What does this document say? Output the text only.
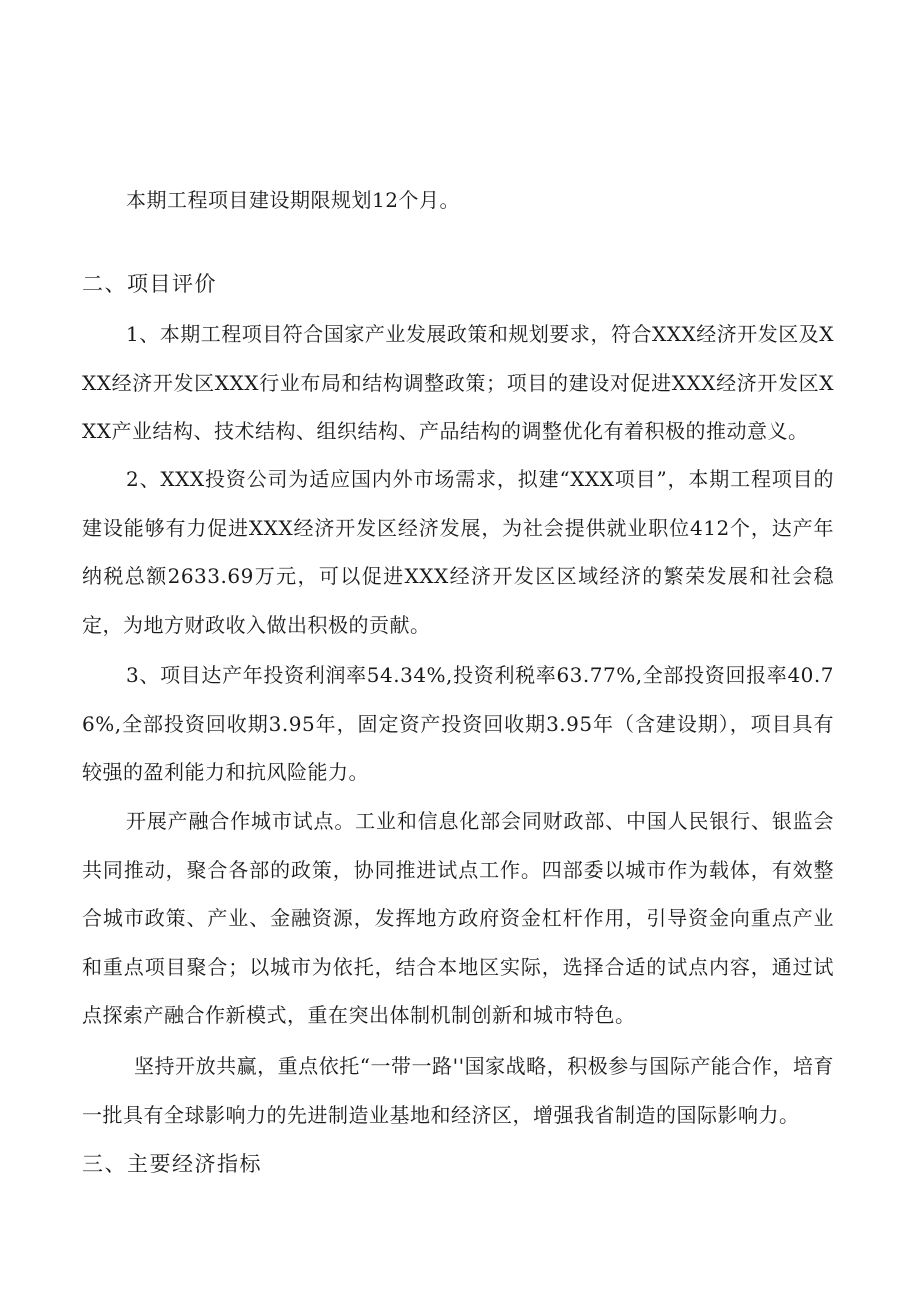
本期工程项目建设期限规划12个月。

二、项目评价

1、本期工程项目符合国家产业发展政策和规划要求，符合XXX经济开发区及XXX经济开发区XXX行业布局和结构调整政策；项目的建设对促进XXX经济开发区XXX产业结构、技术结构、组织结构、产品结构的调整优化有着积极的推动意义。

2、XXX投资公司为适应国内外市场需求，拟建“XXX项目”，本期工程项目的建设能够有力促进XXX经济开发区经济发展，为社会提供就业职位412个，达产年纳税总额2633.69万元，可以促进XXX经济开发区区域经济的繁荣发展和社会稳定，为地方财政收入做出积极的贡献。

3、项目达产年投资利润率54.34%,投资利税率63.77%,全部投资回报率40.76%,全部投资回收期3.95年，固定资产投资回收期3.95年（含建设期），项目具有较强的盈利能力和抗风险能力。

开展产融合作城市试点。工业和信息化部会同财政部、中国人民银行、银监会共同推动，聚合各部的政策，协同推进试点工作。四部委以城市作为载体，有效整合城市政策、产业、金融资源，发挥地方政府资金杠杆作用，引导资金向重点产业和重点项目聚合；以城市为依托，结合本地区实际，选择合适的试点内容，通过试点探索产融合作新模式，重在突出体制机制创新和城市特色。

坚持开放共赢，重点依托“一带一路''国家战略，积极参与国际产能合作，培育一批具有全球影响力的先进制造业基地和经济区，增强我省制造的国际影响力。

三、主要经济指标
